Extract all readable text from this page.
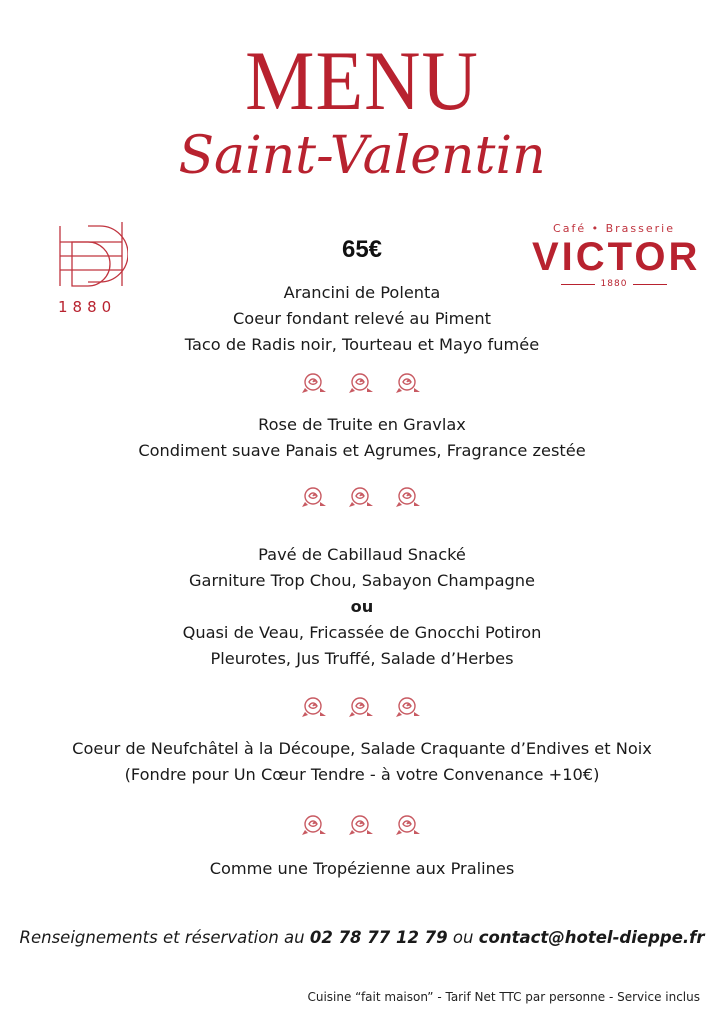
MENU
Saint-Valentin
65€
1880
Café • Brasserie
VICTOR
1880
Arancini de Polenta
Coeur fondant relevé au Piment
Taco de Radis noir, Tourteau et Mayo fumée

Rose de Truite en Gravlax
Condiment suave Panais et Agrumes, Fragrance zestée

Pavé de Cabillaud Snacké
Garniture Trop Chou, Sabayon Champagne
ou
Quasi de Veau, Fricassée de Gnocchi Potiron
Pleurotes, Jus Truffé, Salade d’Herbes

Coeur de Neufchâtel à la Découpe, Salade Craquante d’Endives et Noix
(Fondre pour Un Cœur Tendre - à votre Convenance +10€)

Comme une Tropézienne aux Pralines
Renseignements et réservation au 02 78 77 12 79 ou contact@hotel-dieppe.fr
Cuisine “fait maison” - Tarif Net TTC par personne - Service inclus
